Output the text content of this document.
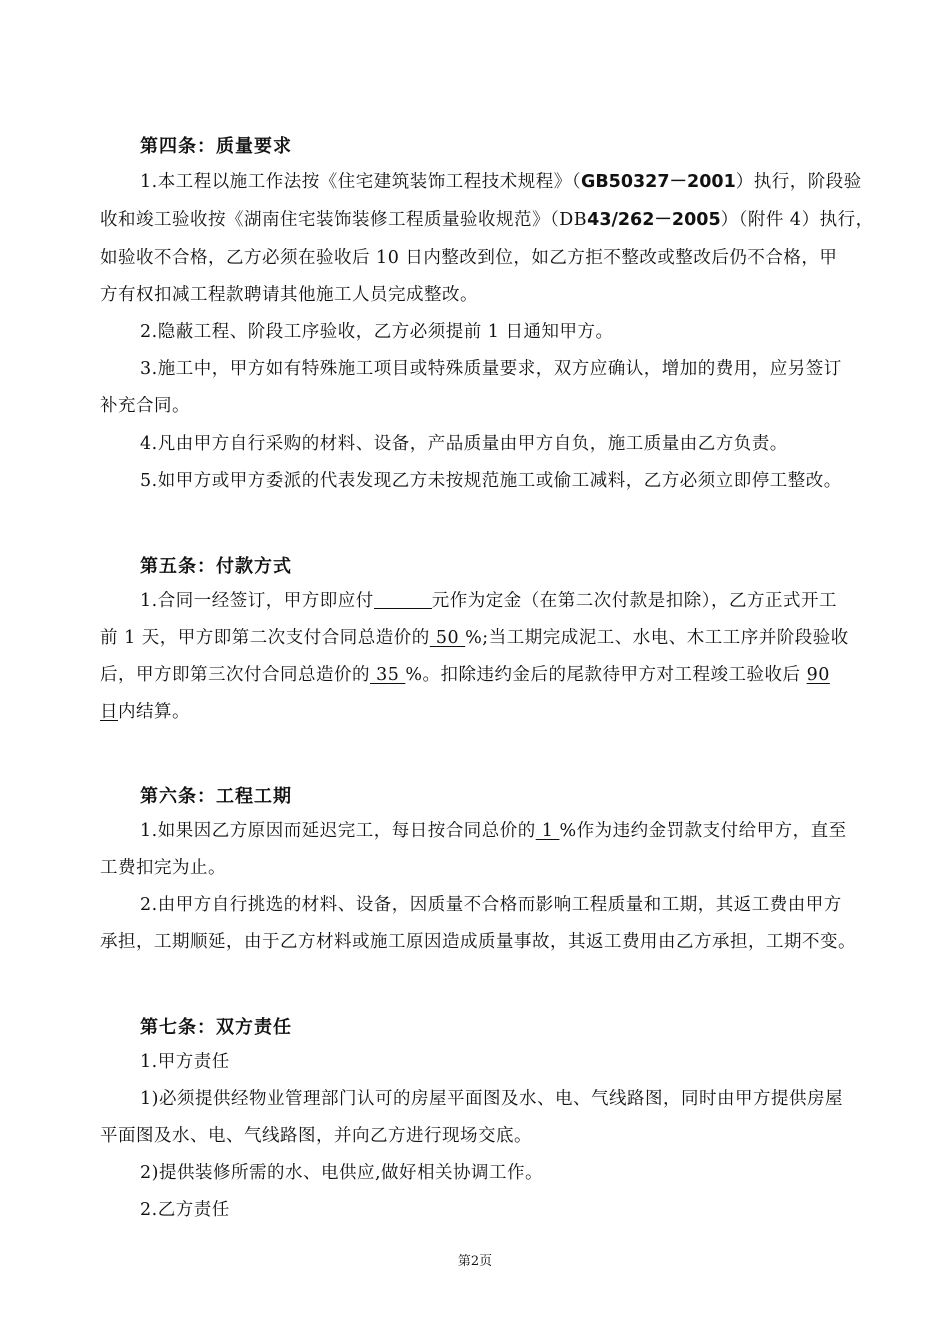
第四条：质量要求
1.本工程以施工作法按《住宅建筑装饰工程技术规程》（GB50327－2001）执行，阶段验
收和竣工验收按《湖南住宅装饰装修工程质量验收规范》（DB43/262－2005）（附件 4）执行，
如验收不合格，乙方必须在验收后 10 日内整改到位，如乙方拒不整改或整改后仍不合格，甲
方有权扣减工程款聘请其他施工人员完成整改。
2.隐蔽工程、阶段工序验收，乙方必须提前 1 日通知甲方。
3.施工中，甲方如有特殊施工项目或特殊质量要求，双方应确认，增加的费用，应另签订
补充合同。
4.凡由甲方自行采购的材料、设备，产品质量由甲方自负，施工质量由乙方负责。
5.如甲方或甲方委派的代表发现乙方未按规范施工或偷工减料，乙方必须立即停工整改。
第五条：付款方式
1.合同一经签订，甲方即应付	元作为定金（在第二次付款是扣除），乙方正式开工
前 1 天，甲方即第二次支付合同总造价的 50 %;当工期完成泥工、水电、木工工序并阶段验收
后，甲方即第三次付合同总造价的 35 %。扣除违约金后的尾款待甲方对工程竣工验收后 90
日内结算。
第六条：工程工期
1.如果因乙方原因而延迟完工，每日按合同总价的 1 %作为违约金罚款支付给甲方，直至
工费扣完为止。
2.由甲方自行挑选的材料、设备，因质量不合格而影响工程质量和工期，其返工费由甲方
承担，工期顺延，由于乙方材料或施工原因造成质量事故，其返工费用由乙方承担，工期不变。
第七条：双方责任
1.甲方责任
1)必须提供经物业管理部门认可的房屋平面图及水、电、气线路图，同时由甲方提供房屋
平面图及水、电、气线路图，并向乙方进行现场交底。
2)提供装修所需的水、电供应,做好相关协调工作。
2.乙方责任
第2页
